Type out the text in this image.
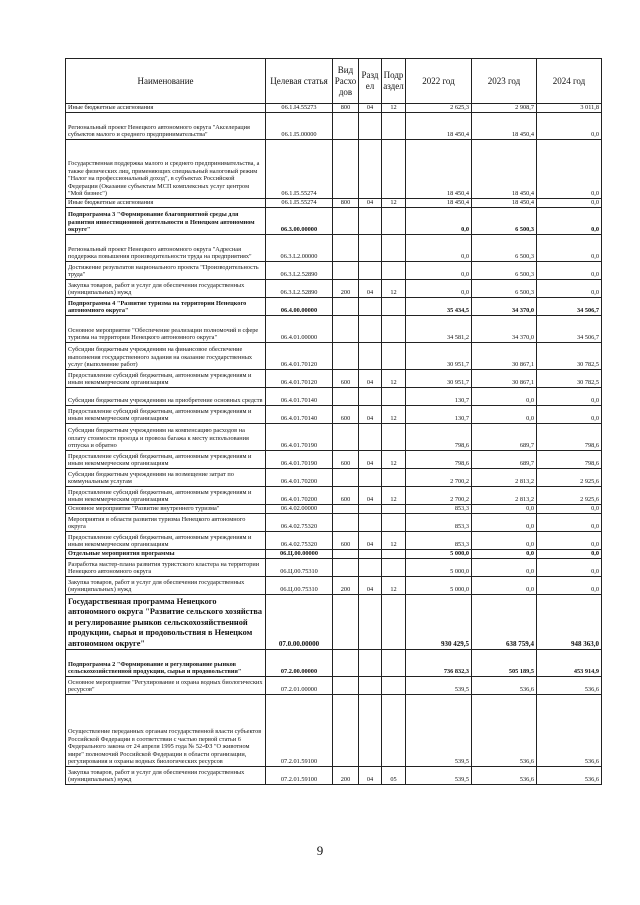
Наименование	Целевая статья	Вид Расхо дов	Разд ел	Подр аздел	2022 год	2023 год	2024 год
Иные бюджетные ассигнования	06.1.I4.55273	800	04	12	2 625,3	2 908,7	3 011,8
Региональный проект Ненецкого автономного округа "Акселерация субъектов малого и среднего предпринимательства"	06.1.I5.00000				18 450,4	18 450,4	0,0
Государственная поддержка малого и среднего предпринимательства, а также физических лиц, применяющих специальный налоговый режим "Налог на профессиональный доход", в субъектах Российской Федерации (Оказание субъектам МСП комплексных услуг центром "Мой бизнес")	06.1.I5.55274				18 450,4	18 450,4	0,0
Иные бюджетные ассигнования	06.1.I5.55274	800	04	12	18 450,4	18 450,4	0,0
Подпрограмма 3 "Формирование благоприятной среды для развития инвестиционной деятельности в Ненецком автономном округе"	06.3.00.00000				0,0	6 500,3	0,0
Региональный проект Ненецкого автономного округа "Адресная поддержка повышения производительности труда на предприятиях"	06.3.L2.00000				0,0	6 500,3	0,0
Достижение результатов национального проекта "Производительность труда"	06.3.L2.52890				0,0	6 500,3	0,0
Закупка товаров, работ и услуг для обеспечения государственных (муниципальных) нужд	06.3.L2.52890	200	04	12	0,0	6 500,3	0,0
Подпрограмма 4 "Развитие туризма на территории Ненецкого автономного округа"	06.4.00.00000				35 434,5	34 370,0	34 506,7
Основное мероприятие "Обеспечение реализации полномочий в сфере туризма на территории Ненецкого автономного округа"	06.4.01.00000				34 581,2	34 370,0	34 506,7
Субсидии бюджетным учреждениям на финансовое обеспечение выполнения государственного задания на оказание государственных услуг (выполнение работ)	06.4.01.70120				30 951,7	30 867,1	30 782,5
Предоставление субсидий бюджетным, автономным учреждениям и иным некоммерческим организациям	06.4.01.70120	600	04	12	30 951,7	30 867,1	30 782,5
Субсидии бюджетным учреждениям на приобретение основных средств	06.4.01.70140				130,7	0,0	0,0
Предоставление субсидий бюджетным, автономным учреждениям и иным некоммерческим организациям	06.4.01.70140	600	04	12	130,7	0,0	0,0
Субсидии бюджетным учреждениям на компенсацию расходов на оплату стоимости проезда и провоза багажа к месту использования отпуска и обратно	06.4.01.70190				798,6	689,7	798,6
Предоставление субсидий бюджетным, автономным учреждениям и иным некоммерческим организациям	06.4.01.70190	600	04	12	798,6	689,7	798,6
Субсидии бюджетным учреждениям на возмещение затрат по коммунальным услугам	06.4.01.70200				2 700,2	2 813,2	2 925,6
Предоставление субсидий бюджетным, автономным учреждениям и иным некоммерческим организациям	06.4.01.70200	600	04	12	2 700,2	2 813,2	2 925,6
Основное мероприятие "Развитие внутреннего туризма"	06.4.02.00000				853,3	0,0	0,0
Мероприятия в области развития туризма Ненецкого автономного округа	06.4.02.75320				853,3	0,0	0,0
Предоставление субсидий бюджетным, автономным учреждениям и иным некоммерческим организациям	06.4.02.75320	600	04	12	853,3	0,0	0,0
Отдельные мероприятия программы	06.Ц.00.00000				5 000,0	0,0	0,0
Разработка мастер-плана развития туристского кластера на территории Ненецкого автономного округа	06.Ц.00.75310				5 000,0	0,0	0,0
Закупка товаров, работ и услуг для обеспечения государственных (муниципальных) нужд	06.Ц.00.75310	200	04	12	5 000,0	0,0	0,0
Государственная программа Ненецкого автономного округа "Развитие сельского хозяйства и регулирование рынков сельскохозяйственной продукции, сырья и продовольствия в Ненецком автономном округе"	07.0.00.00000				930 429,5	638 759,4	948 363,0
Подпрограмма 2 "Формирование и регулирование рынков сельскохозяйственной продукции, сырья и продовольствия"	07.2.00.00000				736 832,3	505 189,5	453 914,9
Основное мероприятие "Регулирование и охрана водных биологических ресурсов"	07.2.01.00000				539,5	536,6	536,6
Осуществление переданных органам государственной власти субъектов Российской Федерации в соответствии с частью первой статьи 6 Федерального закона от 24 апреля 1995 года № 52-ФЗ "О животном мире" полномочий Российской Федерации в области организации, регулирования и охраны водных биологических ресурсов	07.2.01.59100				539,5	536,6	536,6
Закупка товаров, работ и услуг для обеспечения государственных (муниципальных) нужд	07.2.01.59100	200	04	05	539,5	536,6	536,6
9
